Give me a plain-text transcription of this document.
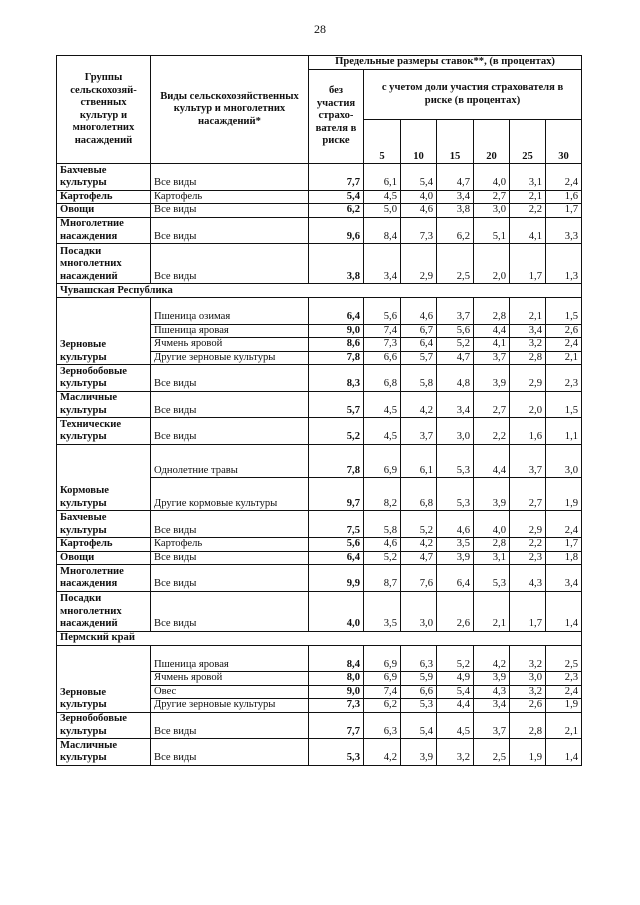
28
Группы сельскохозяй-ственных культур и многолетних насаждений	Виды сельскохозяйственных культур и многолетних насаждений*	Предельные размеры ставок**, (в процентах)						
		без участия страхо-вателя в риске	с учетом доли участия страхователя в риске (в процентах)					
			5	10	15	20	25	30
Бахчевые культуры	Все виды	7,7	6,1	5,4	4,7	4,0	3,1	2,4
Картофель	Картофель	5,4	4,5	4,0	3,4	2,7	2,1	1,6
Овощи	Все виды	6,2	5,0	4,6	3,8	3,0	2,2	1,7
Многолетние насаждения	Все виды	9,6	8,4	7,3	6,2	5,1	4,1	3,3
Посадки многолетних насаждений	Все виды	3,8	3,4	2,9	2,5	2,0	1,7	1,3
Чувашская Республика								
Зерновые культуры	Пшеница озимая	6,4	5,6	4,6	3,7	2,8	2,1	1,5
	Пшеница яровая	9,0	7,4	6,7	5,6	4,4	3,4	2,6
	Ячмень яровой	8,6	7,3	6,4	5,2	4,1	3,2	2,4
	Другие зерновые культуры	7,8	6,6	5,7	4,7	3,7	2,8	2,1
Зернобобовые культуры	Все виды	8,3	6,8	5,8	4,8	3,9	2,9	2,3
Масличные культуры	Все виды	5,7	4,5	4,2	3,4	2,7	2,0	1,5
Технические культуры	Все виды	5,2	4,5	3,7	3,0	2,2	1,6	1,1
Кормовые культуры	Однолетние травы	7,8	6,9	6,1	5,3	4,4	3,7	3,0
	Другие кормовые культуры	9,7	8,2	6,8	5,3	3,9	2,7	1,9
Бахчевые культуры	Все виды	7,5	5,8	5,2	4,6	4,0	2,9	2,4
Картофель	Картофель	5,6	4,6	4,2	3,5	2,8	2,2	1,7
Овощи	Все виды	6,4	5,2	4,7	3,9	3,1	2,3	1,8
Многолетние насаждения	Все виды	9,9	8,7	7,6	6,4	5,3	4,3	3,4
Посадки многолетних насаждений	Все виды	4,0	3,5	3,0	2,6	2,1	1,7	1,4
Пермский край								
Зерновые культуры	Пшеница яровая	8,4	6,9	6,3	5,2	4,2	3,2	2,5
	Ячмень яровой	8,0	6,9	5,9	4,9	3,9	3,0	2,3
	Овес	9,0	7,4	6,6	5,4	4,3	3,2	2,4
	Другие зерновые культуры	7,3	6,2	5,3	4,4	3,4	2,6	1,9
Зернобобовые культуры	Все виды	7,7	6,3	5,4	4,5	3,7	2,8	2,1
Масличные культуры	Все виды	5,3	4,2	3,9	3,2	2,5	1,9	1,4
